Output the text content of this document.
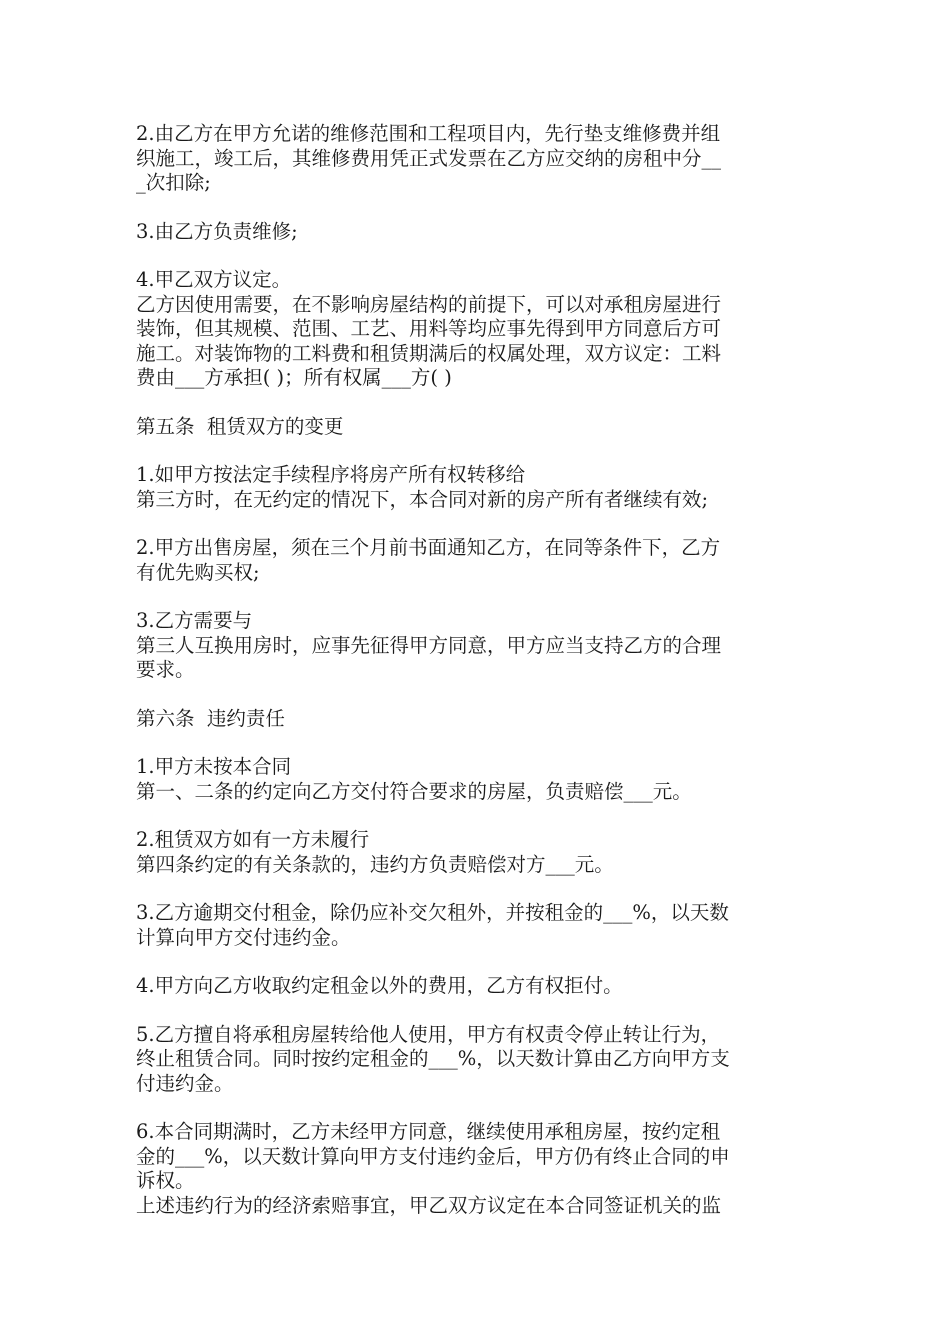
2.由乙方在甲方允诺的维修范围和工程项目内，先行垫支维修费并组
织施工，竣工后，其维修费用凭正式发票在乙方应交纳的房租中分__
_次扣除;
3.由乙方负责维修;
4.甲乙双方议定。
乙方因使用需要，在不影响房屋结构的前提下，可以对承租房屋进行
装饰，但其规模、范围、工艺、用料等均应事先得到甲方同意后方可
施工。对装饰物的工料费和租赁期满后的权属处理，双方议定：工料
费由___方承担( )；所有权属___方( )
第五条  租赁双方的变更
1.如甲方按法定手续程序将房产所有权转移给
第三方时，在无约定的情况下，本合同对新的房产所有者继续有效;
2.甲方出售房屋，须在三个月前书面通知乙方，在同等条件下，乙方
有优先购买权;
3.乙方需要与
第三人互换用房时，应事先征得甲方同意，甲方应当支持乙方的合理
要求。
第六条  违约责任
1.甲方未按本合同
第一、二条的约定向乙方交付符合要求的房屋，负责赔偿___元。
2.租赁双方如有一方未履行
第四条约定的有关条款的，违约方负责赔偿对方___元。
3.乙方逾期交付租金，除仍应补交欠租外，并按租金的___%，以天数
计算向甲方交付违约金。
4.甲方向乙方收取约定租金以外的费用，乙方有权拒付。
5.乙方擅自将承租房屋转给他人使用，甲方有权责令停止转让行为，
终止租赁合同。同时按约定租金的___%，以天数计算由乙方向甲方支
付违约金。
6.本合同期满时，乙方未经甲方同意，继续使用承租房屋，按约定租
金的___%，以天数计算向甲方支付违约金后，甲方仍有终止合同的申
诉权。
上述违约行为的经济索赔事宜，甲乙双方议定在本合同签证机关的监
